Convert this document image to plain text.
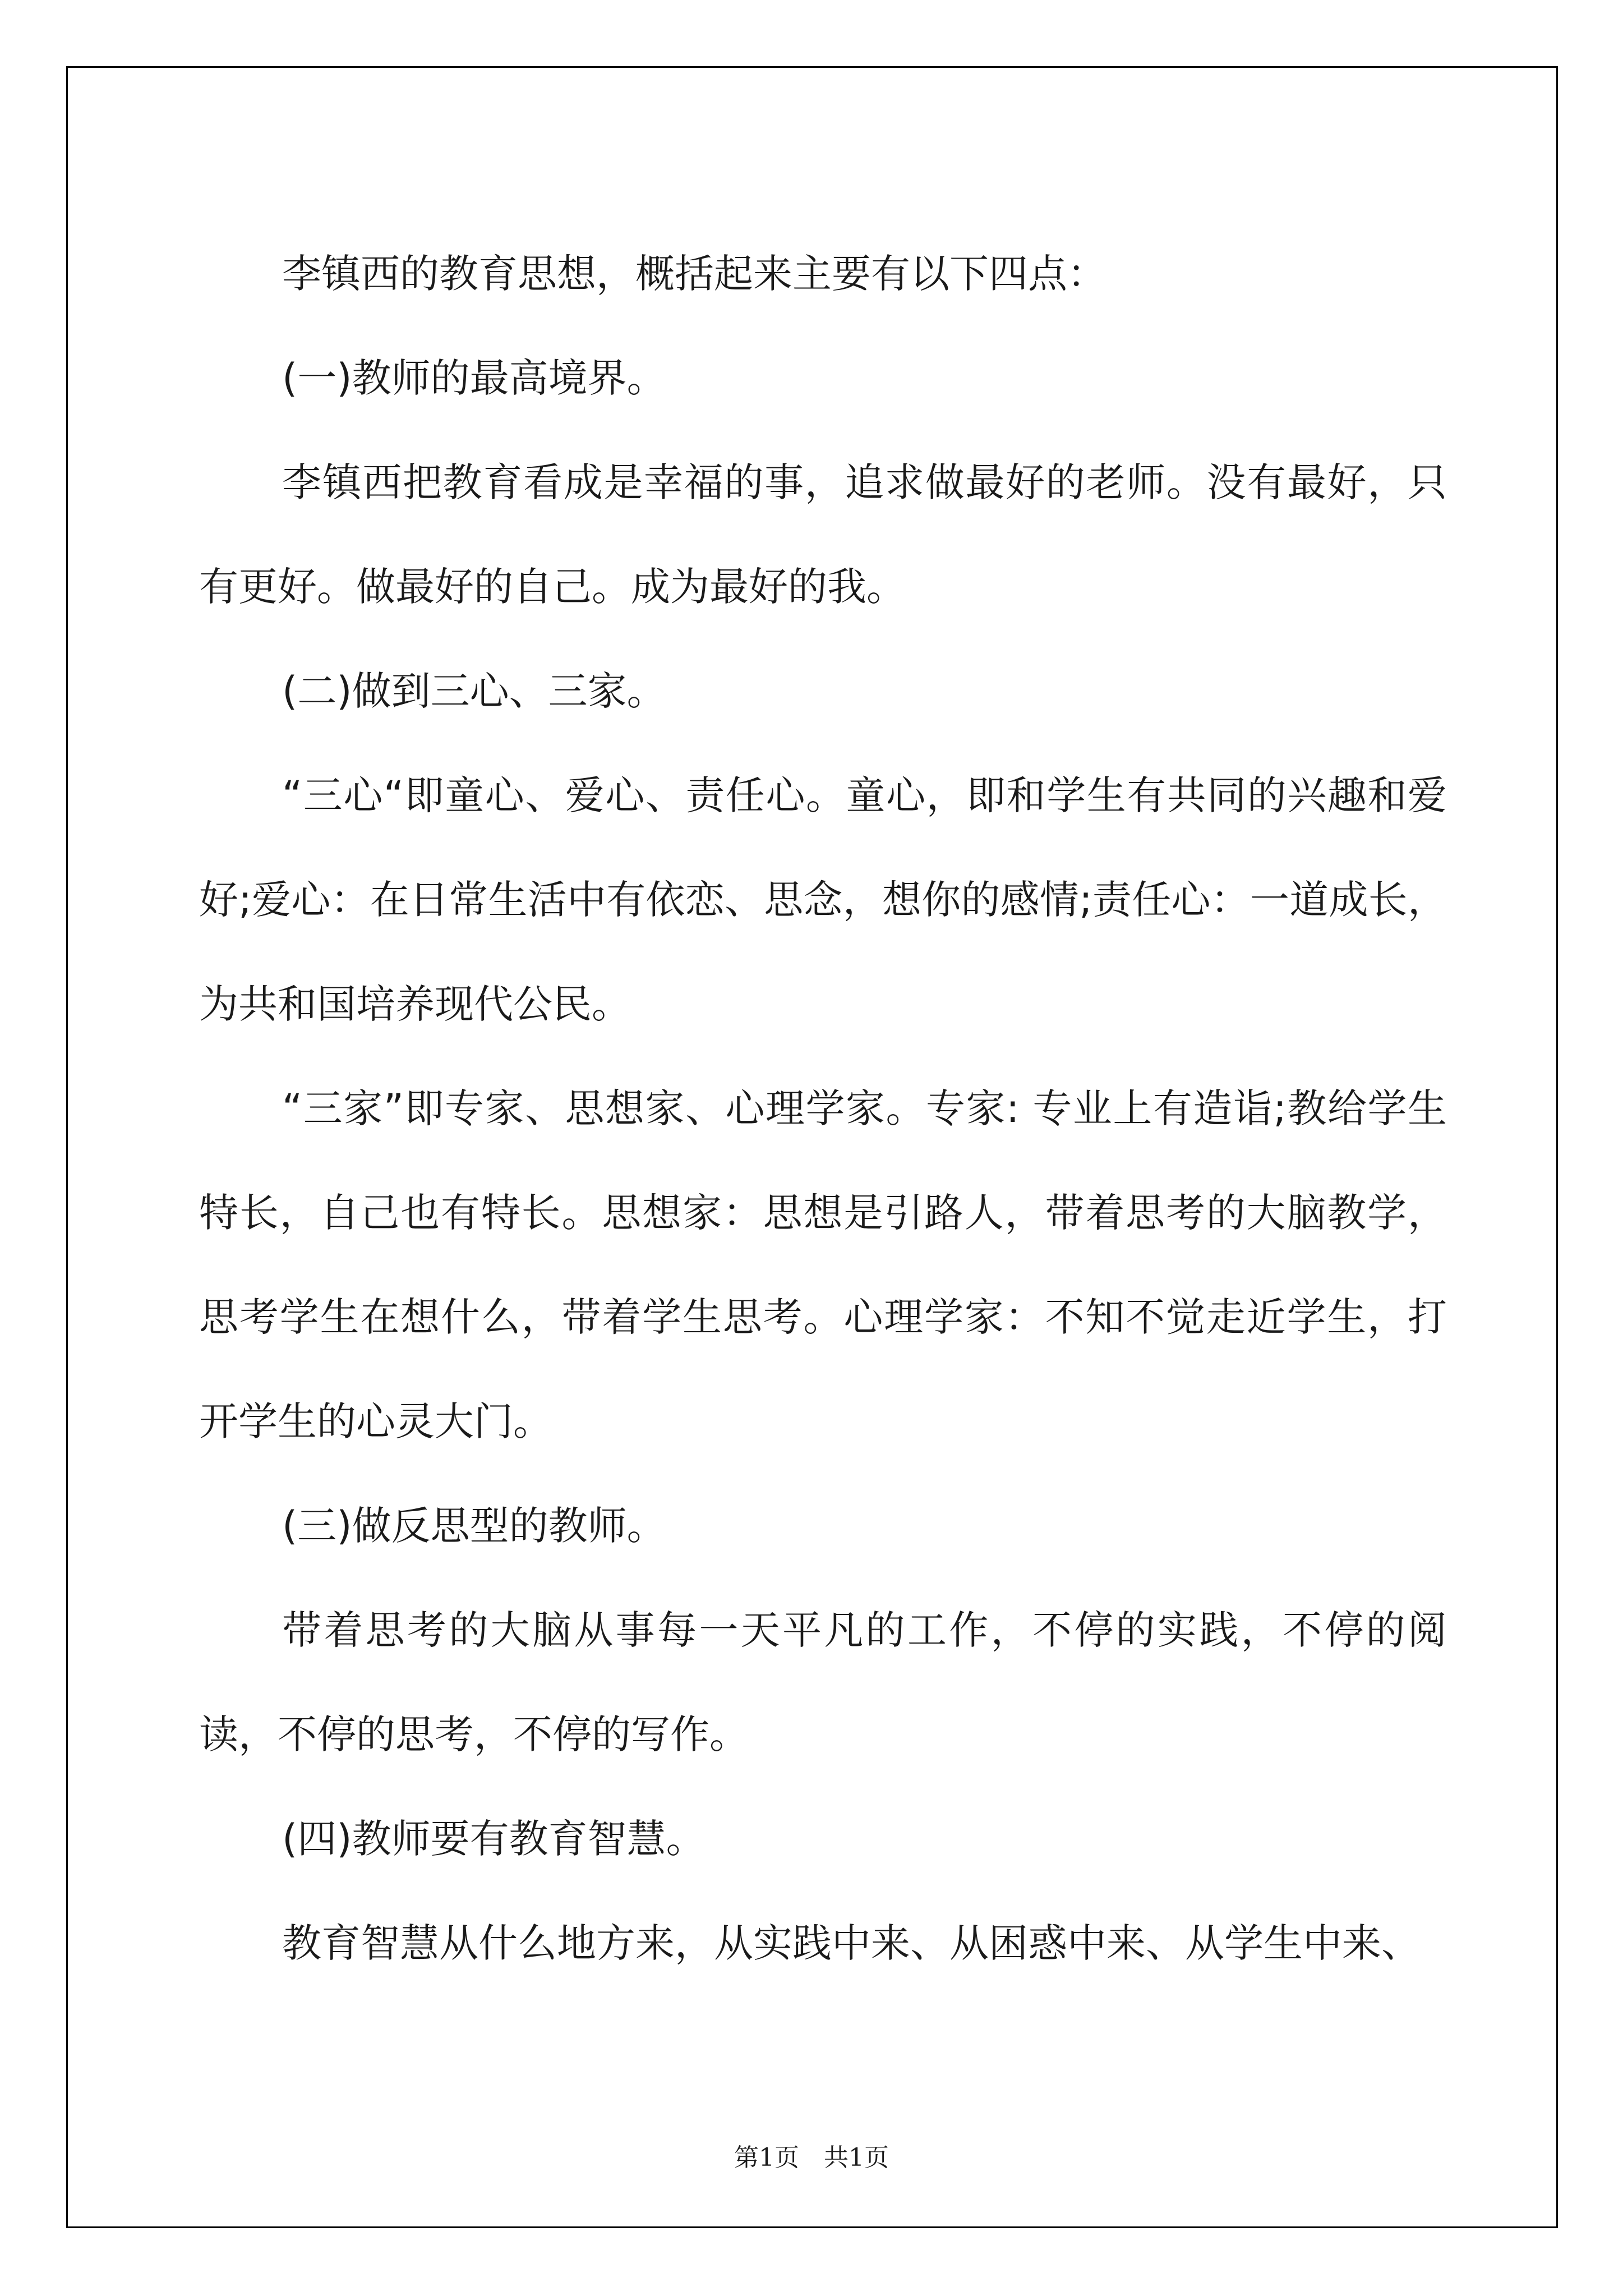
李镇西的教育思想，概括起来主要有以下四点：

(一)教师的最高境界。

李镇西把教育看成是幸福的事，追求做最好的老师。没有最好，只有更好。做最好的自己。成为最好的我。

(二)做到三心、三家。

“三心“即童心、爱心、责任心。童心，即和学生有共同的兴趣和爱好;爱心：在日常生活中有依恋、思念，想你的感情;责任心：一道成长，为共和国培养现代公民。

“三家”即专家、思想家、心理学家。专家: 专业上有造诣;教给学生特长，自己也有特长。思想家：思想是引路人，带着思考的大脑教学，思考学生在想什么，带着学生思考。心理学家：不知不觉走近学生，打开学生的心灵大门。

(三)做反思型的教师。

带着思考的大脑从事每一天平凡的工作，不停的实践，不停的阅读，不停的思考，不停的写作。

(四)教师要有教育智慧。

教育智慧从什么地方来，从实践中来、从困惑中来、从学生中来、

第1页　共1页
